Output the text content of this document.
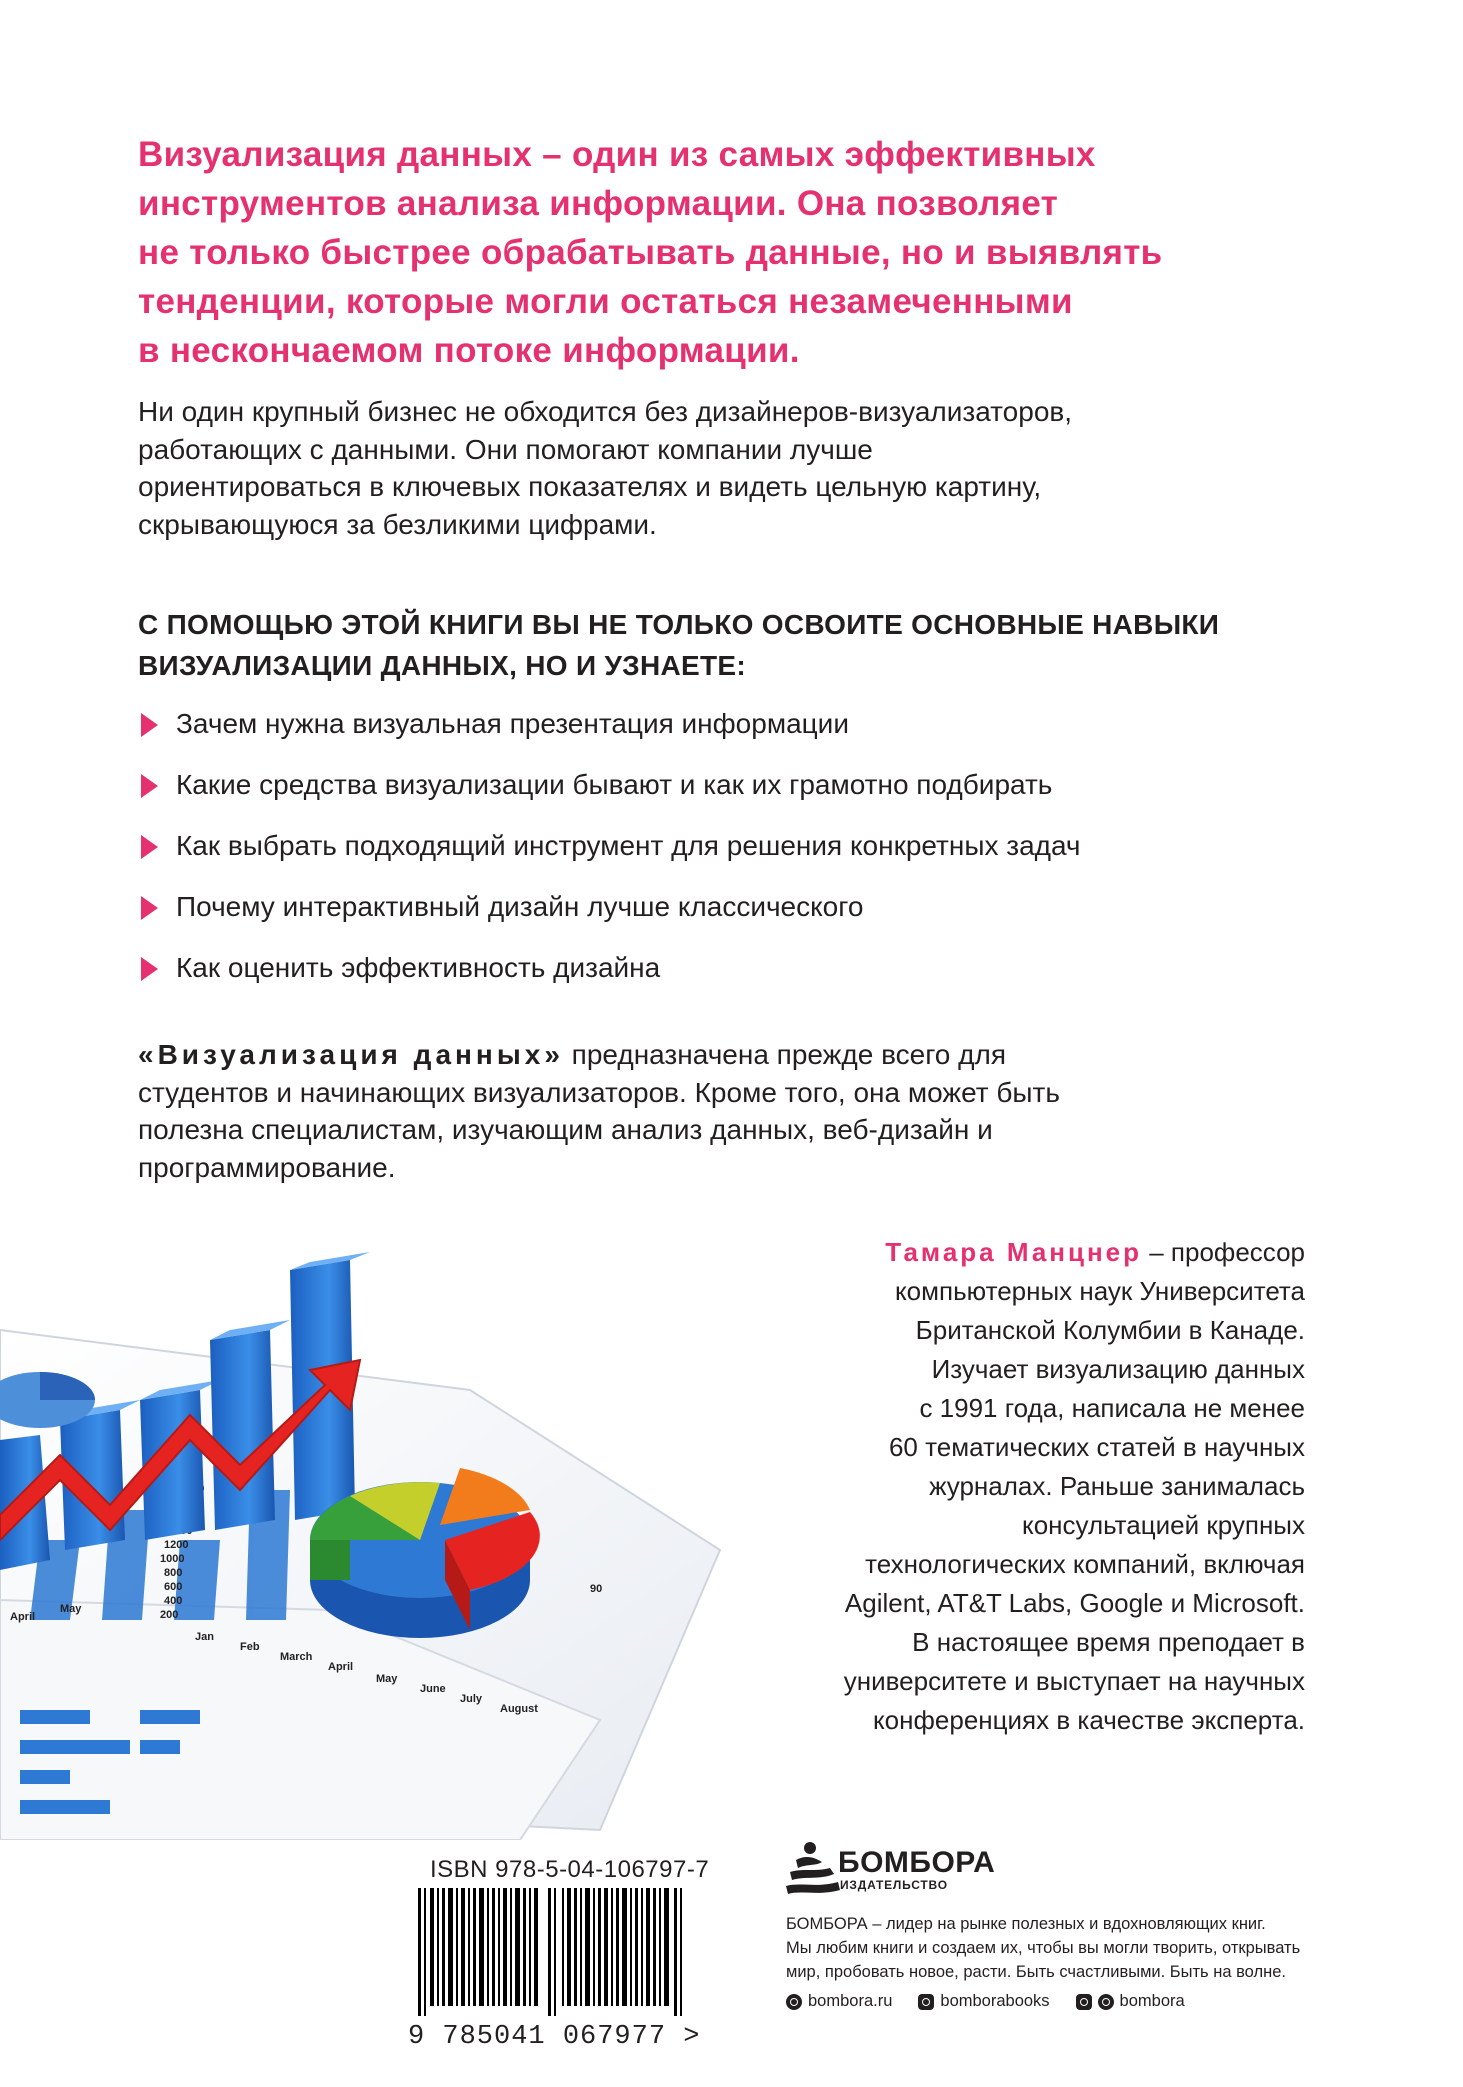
Визуализация данных – один из самых эффективных
инструментов анализа информации. Она позволяет
не только быстрее обрабатывать данные, но и выявлять
тенденции, которые могли остаться незамеченными
в нескончаемом потоке информации.
Ни один крупный бизнес не обходится без дизайнеров-визуализаторов,
работающих с данными. Они помогают компании лучше
ориентироваться в ключевых показателях и видеть цельную картину,
скрывающуюся за безликими цифрами.
С ПОМОЩЬЮ ЭТОЙ КНИГИ ВЫ НЕ ТОЛЬКО ОСВОИТЕ ОСНОВНЫЕ НАВЫКИ
ВИЗУАЛИЗАЦИИ ДАННЫХ, НО И УЗНАЕТЕ:
Зачем нужна визуальная презентация информации
Какие средства визуализации бывают и как их грамотно подбирать
Как выбрать подходящий инструмент для решения конкретных задач
Почему интерактивный дизайн лучше классического
Как оценить эффективность дизайна
«Визуализация данных» предназначена прежде всего для
студентов и начинающих визуализаторов. Кроме того, она может быть
полезна специалистам, изучающим анализ данных, веб-дизайн и
программирование.
Тамара Манцнер – профессор
компьютерных наук Университета
Британской Колумбии в Канаде.
Изучает визуализацию данных
с 1991 года, написала не менее
60 тематических статей в научных
журналах. Раньше занималась
консультацией крупных
технологических компаний, включая
Agilent, AT&T Labs, Google и Microsoft.
В настоящее время преподает в
университете и выступает на научных
конференциях в качестве эксперта.
1200
1000
800
600
400
200
Jan
Feb
March
April
May
June
July
August
April
May
90
ISBN 978-5-04-106797-7
9 785041 067977 >
БОМБОРА
ИЗДАТЕЛЬСТВО
БОМБОРА – лидер на рынке полезных и вдохновляющих книг.
Мы любим книги и создаем их, чтобы вы могли творить, открывать
мир, пробовать новое, расти. Быть счастливыми. Быть на волне.
bombora.ru	bomborabooks	bombora
